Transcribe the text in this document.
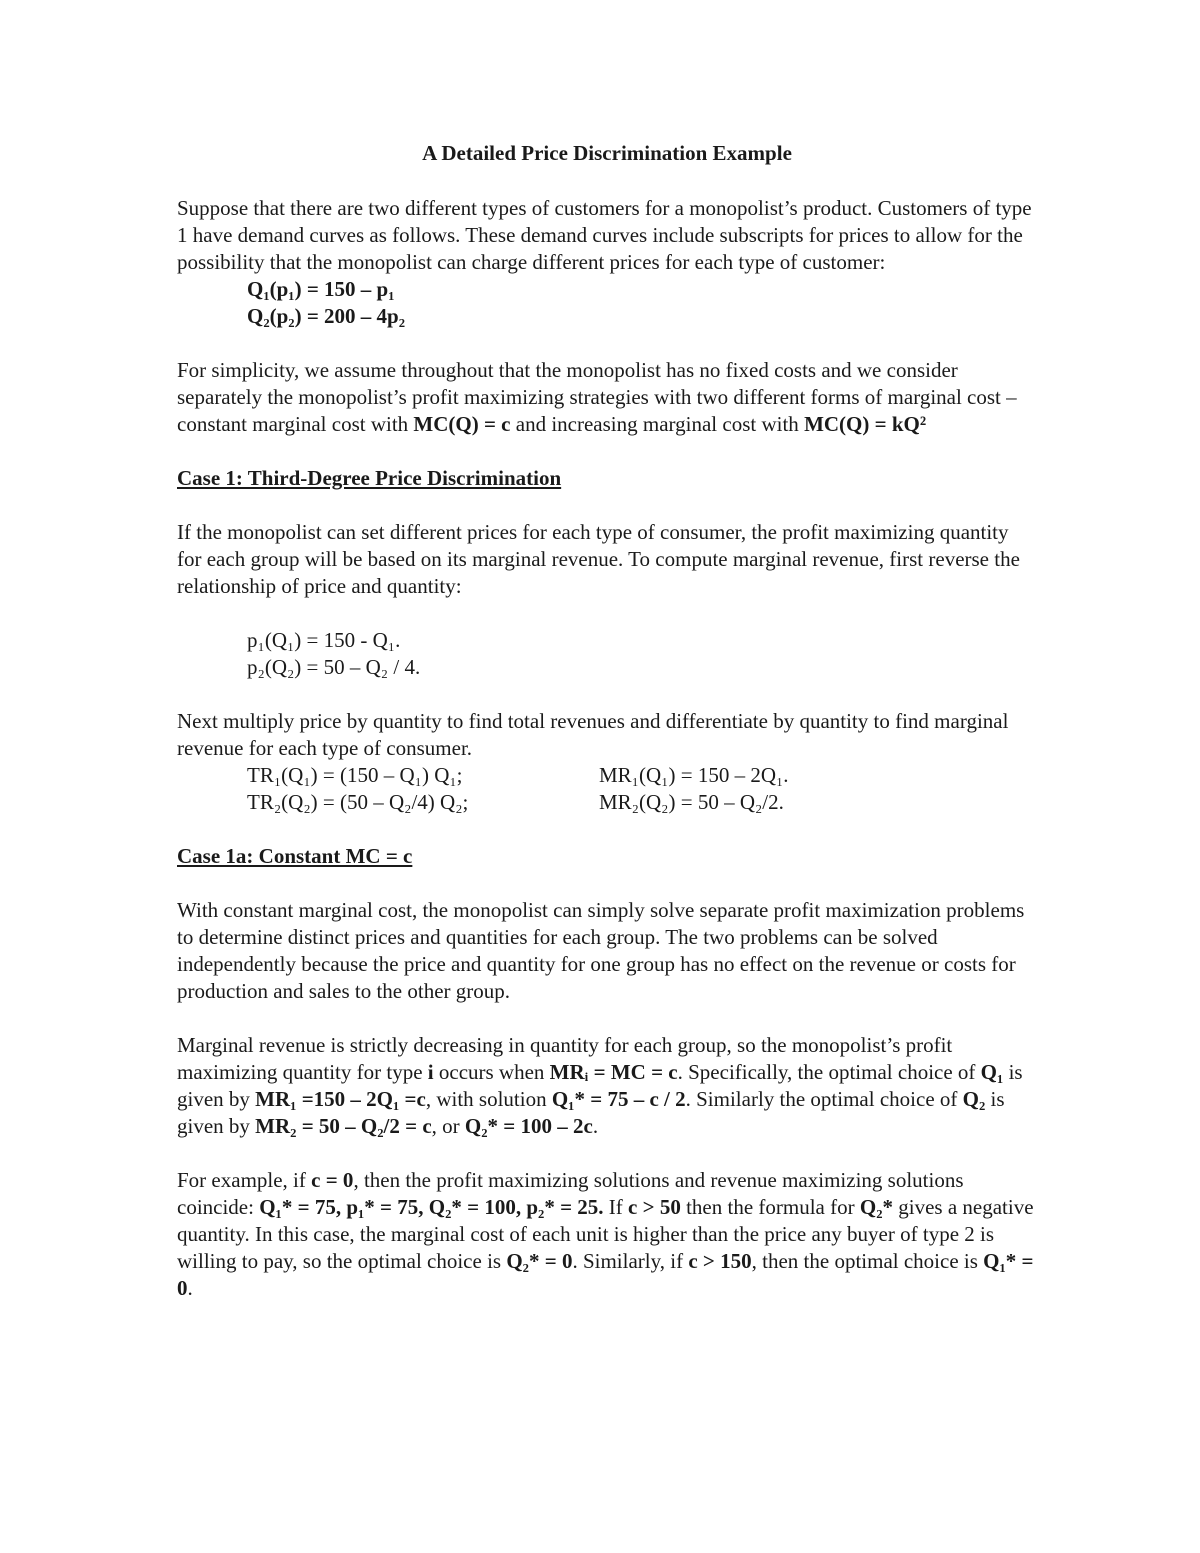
A Detailed Price Discrimination Example

Suppose that there are two different types of customers for a monopolist’s product. Customers of type 1 have demand curves as follows. These demand curves include subscripts for prices to allow for the possibility that the monopolist can charge different prices for each type of customer:

Q₁(p₁) = 150 – p₁

Q₂(p₂) = 200 – 4p₂

For simplicity, we assume throughout that the monopolist has no fixed costs and we consider separately the monopolist’s profit maximizing strategies with two different forms of marginal cost – constant marginal cost with MC(Q) = c and increasing marginal cost with MC(Q) = kQ²

Case 1: Third-Degree Price Discrimination

If the monopolist can set different prices for each type of consumer, the profit maximizing quantity for each group will be based on its marginal revenue. To compute marginal revenue, first reverse the relationship of price and quantity:

p₁(Q₁) = 150 - Q₁.

p₂(Q₂) = 50 – Q₂ / 4.

Next multiply price by quantity to find total revenues and differentiate by quantity to find marginal revenue for each type of consumer.

TR₁(Q₁) = (150 – Q₁) Q₁;	MR₁(Q₁) = 150 – 2Q₁.
TR₂(Q₂) = (50 – Q₂/4) Q₂;	MR₂(Q₂) = 50 – Q₂/2.

Case 1a: Constant MC = c

With constant marginal cost, the monopolist can simply solve separate profit maximization problems to determine distinct prices and quantities for each group. The two problems can be solved independently because the price and quantity for one group has no effect on the revenue or costs for production and sales to the other group.

Marginal revenue is strictly decreasing in quantity for each group, so the monopolist’s profit maximizing quantity for type i occurs when MRᵢ = MC = c. Specifically, the optimal choice of Q₁ is given by MR₁ =150 – 2Q₁ =c, with solution Q₁* = 75 – c / 2. Similarly the optimal choice of Q₂ is given by MR₂ = 50 – Q₂/2 = c, or Q₂* = 100 – 2c.

For example, if c = 0, then the profit maximizing solutions and revenue maximizing solutions coincide: Q₁* = 75, p₁* = 75, Q₂* = 100, p₂* = 25. If c > 50 then the formula for Q₂* gives a negative quantity. In this case, the marginal cost of each unit is higher than the price any buyer of type 2 is willing to pay, so the optimal choice is Q₂* = 0. Similarly, if c > 150, then the optimal choice is Q₁* = 0.
